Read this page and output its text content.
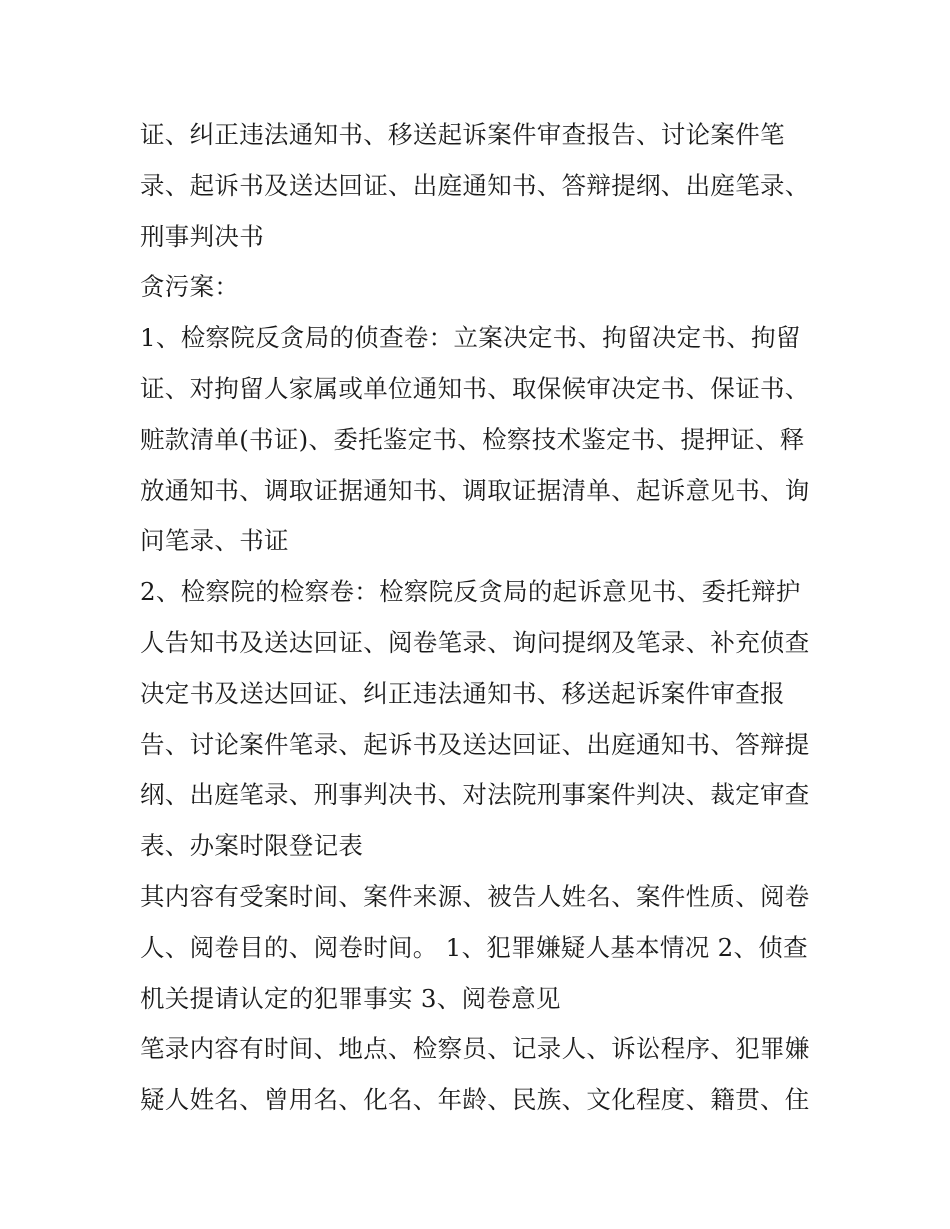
证、纠正违法通知书、移送起诉案件审查报告、讨论案件笔
录、起诉书及送达回证、出庭通知书、答辩提纲、出庭笔录、
刑事判决书
贪污案：
1、检察院反贪局的侦查卷：立案决定书、拘留决定书、拘留
证、对拘留人家属或单位通知书、取保候审决定书、保证书、
赃款清单(书证)、委托鉴定书、检察技术鉴定书、提押证、释
放通知书、调取证据通知书、调取证据清单、起诉意见书、询
问笔录、书证
2、检察院的检察卷：检察院反贪局的起诉意见书、委托辩护
人告知书及送达回证、阅卷笔录、询问提纲及笔录、补充侦查
决定书及送达回证、纠正违法通知书、移送起诉案件审查报
告、讨论案件笔录、起诉书及送达回证、出庭通知书、答辩提
纲、出庭笔录、刑事判决书、对法院刑事案件判决、裁定审查
表、办案时限登记表
其内容有受案时间、案件来源、被告人姓名、案件性质、阅卷
人、阅卷目的、阅卷时间。 1、犯罪嫌疑人基本情况 2、侦查
机关提请认定的犯罪事实 3、阅卷意见
笔录内容有时间、地点、检察员、记录人、诉讼程序、犯罪嫌
疑人姓名、曾用名、化名、年龄、民族、文化程度、籍贯、住
